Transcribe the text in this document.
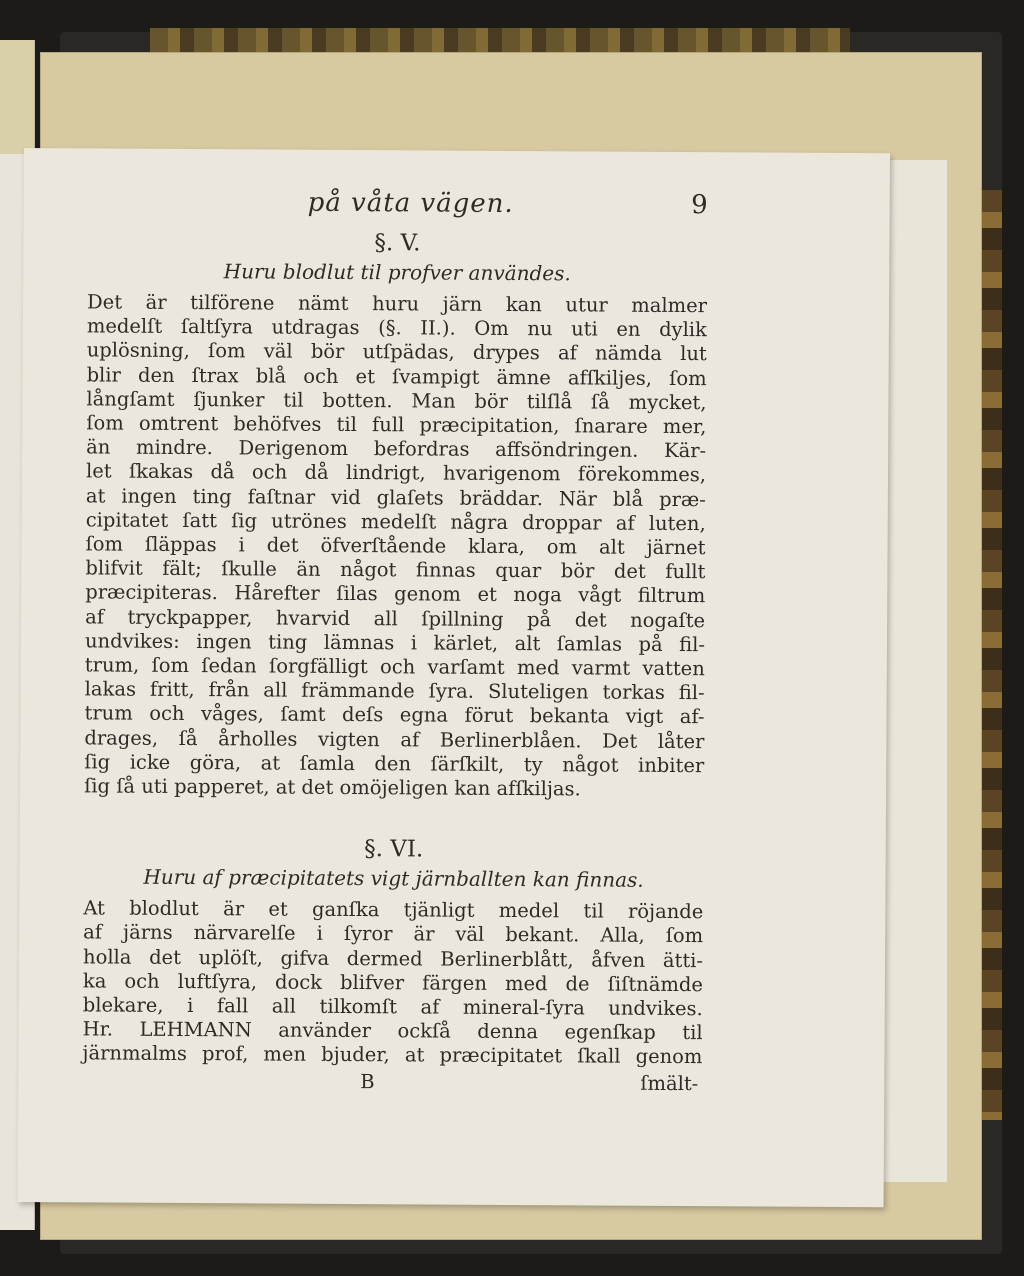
på våta vägen.	9
§. V.
Huru blodlut til profver användes.
Det är tilförene nämt huru järn kan utur malmer
medelſt ſaltſyra utdragas (§. II.). Om nu uti en dylik
uplösning, ſom väl bör utſpädas, drypes af nämda lut
blir den ſtrax blå och et ſvampigt ämne afſkiljes, ſom
långſamt ſjunker til botten. Man bör tilſlå ſå mycket,
ſom omtrent behöfves til full præcipitation, ſnarare mer,
än mindre. Derigenom befordras affsöndringen. Kär-
let ſkakas då och då lindrigt, hvarigenom förekommes,
at ingen ting faſtnar vid glaſets bräddar. När blå præ-
cipitatet ſatt ſig utrönes medelſt några droppar af luten,
ſom ſläppas i det öfverſtående klara, om alt järnet
blifvit fält; ſkulle än något finnas quar bör det fullt
præcipiteras. Hårefter ſilas genom et noga vågt filtrum
af tryckpapper, hvarvid all ſpillning på det nogaſte
undvikes: ingen ting lämnas i kärlet, alt ſamlas på fil-
trum, ſom ſedan ſorgfälligt och varſamt med varmt vatten
lakas fritt, från all främmande ſyra. Sluteligen torkas fil-
trum och våges, ſamt deſs egna förut bekanta vigt af-
drages, ſå årholles vigten af Berlinerblåen. Det låter
ſig icke göra, at ſamla den ſärſkilt, ty något inbiter
ſig ſå uti papperet, at det omöjeligen kan afſkiljas.
§. VI.
Huru af præcipitatets vigt järnballten kan finnas.
At blodlut är et ganſka tjänligt medel til röjande
af järns närvarelſe i ſyror är väl bekant. Alla, ſom
holla det uplöſt, gifva dermed Berlinerblått, åfven ätti-
ka och luftſyra, dock blifver färgen med de ſiſtnämde
blekare, i fall all tilkomſt af mineral-ſyra undvikes.
Hr. LEHMANN använder ockſå denna egenſkap til
järnmalms prof, men bjuder, at præcipitatet ſkall genom
B	ſmält-
